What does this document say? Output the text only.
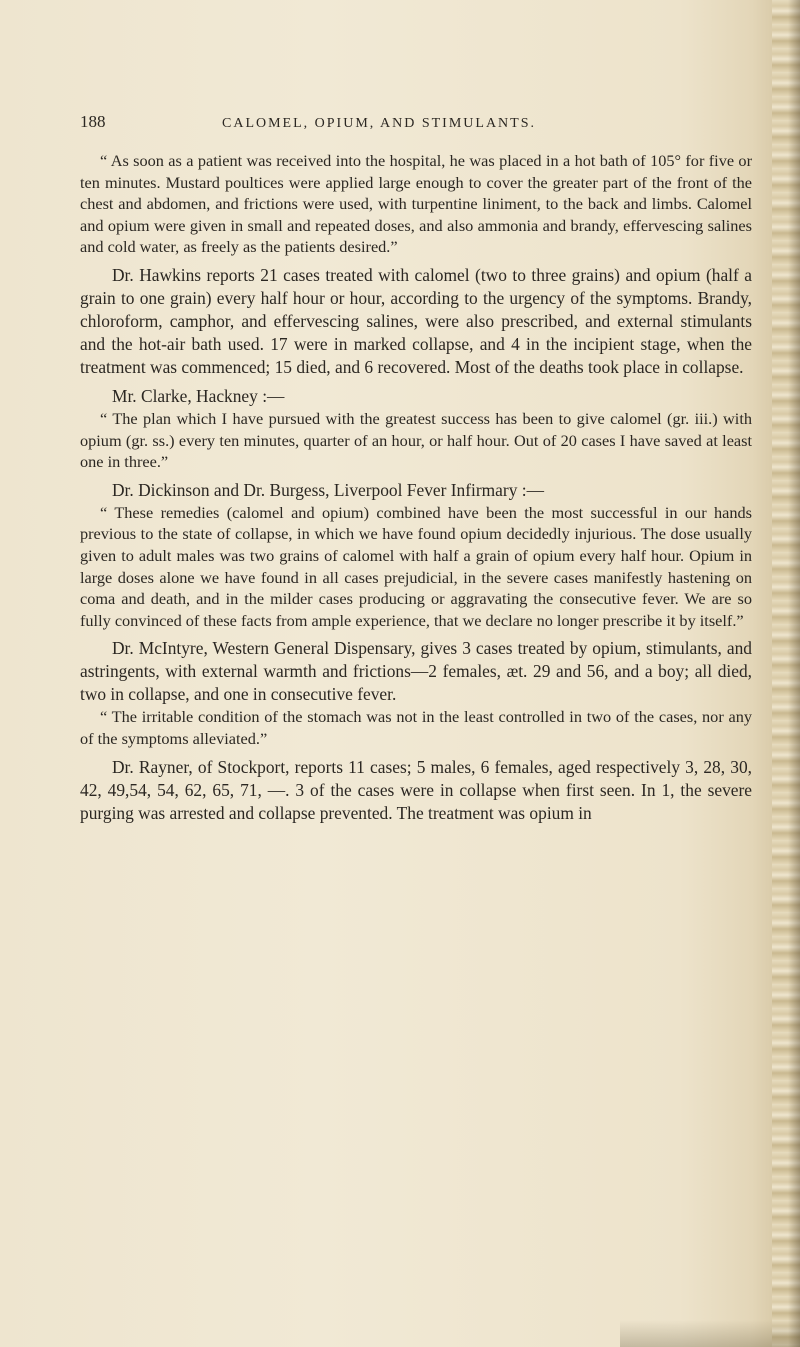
188	CALOMEL, OPIUM, AND STIMULANTS.

“ As soon as a patient was received into the hospital, he was placed in a hot bath of 105° for five or ten minutes. Mustard poultices were applied large enough to cover the greater part of the front of the chest and abdomen, and frictions were used, with turpentine liniment, to the back and limbs. Calomel and opium were given in small and repeated doses, and also ammonia and brandy, effervescing salines and cold water, as freely as the patients desired.”

Dr. Hawkins reports 21 cases treated with calomel (two to three grains) and opium (half a grain to one grain) every half hour or hour, according to the urgency of the symptoms. Brandy, chloroform, camphor, and effervescing salines, were also prescribed, and external stimulants and the hot-air bath used. 17 were in marked collapse, and 4 in the incipient stage, when the treatment was commenced; 15 died, and 6 recovered. Most of the deaths took place in collapse.

Mr. Clarke, Hackney :—

“ The plan which I have pursued with the greatest success has been to give calomel (gr. iii.) with opium (gr. ss.) every ten minutes, quarter of an hour, or half hour. Out of 20 cases I have saved at least one in three.”

Dr. Dickinson and Dr. Burgess, Liverpool Fever Infirmary :—

“ These remedies (calomel and opium) combined have been the most successful in our hands previous to the state of collapse, in which we have found opium decidedly injurious. The dose usually given to adult males was two grains of calomel with half a grain of opium every half hour. Opium in large doses alone we have found in all cases prejudicial, in the severe cases manifestly hastening on coma and death, and in the milder cases producing or aggravating the consecutive fever. We are so fully convinced of these facts from ample experience, that we declare no longer prescribe it by itself.”

Dr. McIntyre, Western General Dispensary, gives 3 cases treated by opium, stimulants, and astringents, with external warmth and frictions—2 females, æt. 29 and 56, and a boy; all died, two in collapse, and one in consecutive fever.

“ The irritable condition of the stomach was not in the least controlled in two of the cases, nor any of the symptoms alleviated.”

Dr. Rayner, of Stockport, reports 11 cases; 5 males, 6 females, aged respectively 3, 28, 30, 42, 49,54, 54, 62, 65, 71, —. 3 of the cases were in collapse when first seen. In 1, the severe purging was arrested and collapse prevented. The treatment was opium in
